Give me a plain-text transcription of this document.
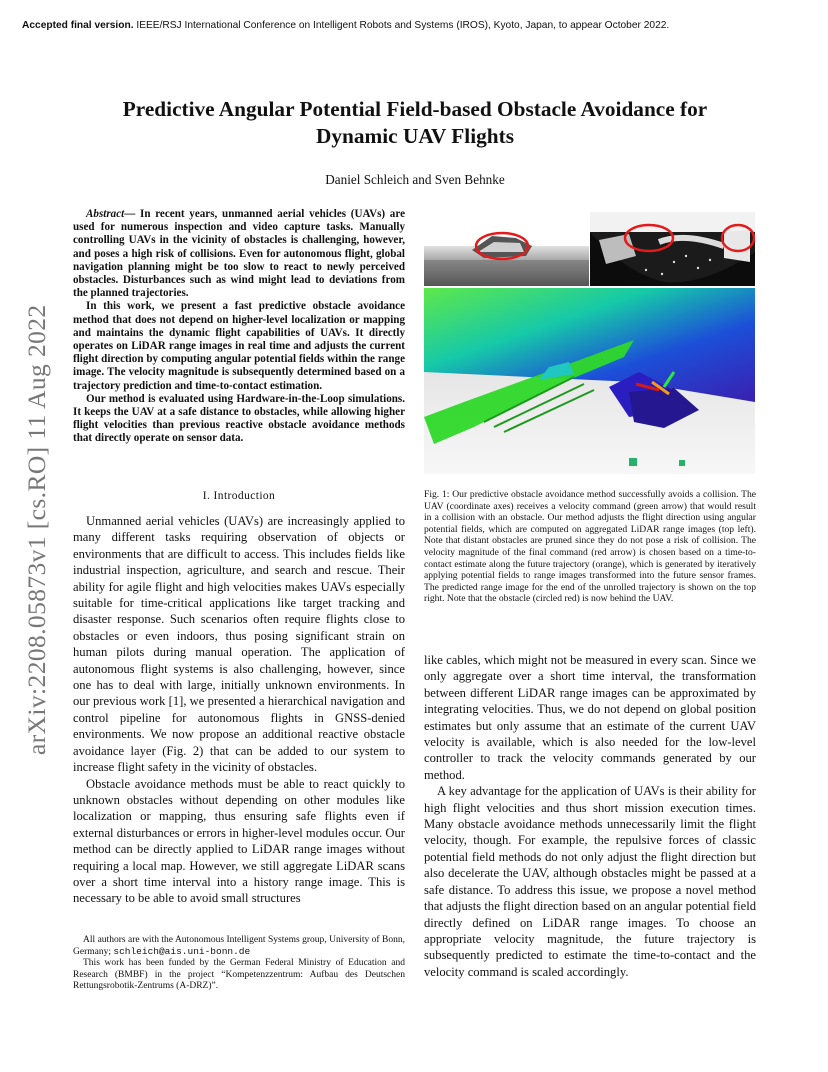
Accepted final version. IEEE/RSJ International Conference on Intelligent Robots and Systems (IROS), Kyoto, Japan, to appear October 2022.
arXiv:2208.05873v1 [cs.RO] 11 Aug 2022
Predictive Angular Potential Field-based Obstacle Avoidance for
Dynamic UAV Flights
Daniel Schleich and Sven Behnke

Abstract— In recent years, unmanned aerial vehicles (UAVs) are used for numerous inspection and video capture tasks. Manually controlling UAVs in the vicinity of obstacles is challenging, however, and poses a high risk of collisions. Even for autonomous flight, global navigation planning might be too slow to react to newly perceived obstacles. Disturbances such as wind might lead to deviations from the planned trajectories.

In this work, we present a fast predictive obstacle avoidance method that does not depend on higher-level localization or mapping and maintains the dynamic flight capabilities of UAVs. It directly operates on LiDAR range images in real time and adjusts the current flight direction by computing angular potential fields within the range image. The velocity magnitude is subsequently determined based on a trajectory prediction and time-to-contact estimation.

Our method is evaluated using Hardware-in-the-Loop simulations. It keeps the UAV at a safe distance to obstacles, while allowing higher flight velocities than previous reactive obstacle avoidance methods that directly operate on sensor data.

I. Introduction

Unmanned aerial vehicles (UAVs) are increasingly applied to many different tasks requiring observation of objects or environments that are difficult to access. This includes fields like industrial inspection, agriculture, and search and rescue. Their ability for agile flight and high velocities makes UAVs especially suitable for time-critical applications like target tracking and disaster response. Such scenarios often require flights close to obstacles or even indoors, thus posing significant strain on human pilots during manual operation. The application of autonomous flight systems is also challenging, however, since one has to deal with large, initially unknown environments. In our previous work [1], we presented a hierarchical navigation and control pipeline for autonomous flights in GNSS-denied environments. We now propose an additional reactive obstacle avoidance layer (Fig. 2) that can be added to our system to increase flight safety in the vicinity of obstacles.

Obstacle avoidance methods must be able to react quickly to unknown obstacles without depending on other modules like localization or mapping, thus ensuring safe flights even if external disturbances or errors in higher-level modules occur. Our method can be directly applied to LiDAR range images without requiring a local map. However, we still aggregate LiDAR scans over a short time interval into a history range image. This is necessary to be able to avoid small structures

All authors are with the Autonomous Intelligent Systems group, University of Bonn, Germany; schleich@ais.uni-bonn.de

This work has been funded by the German Federal Ministry of Education and Research (BMBF) in the project “Kompetenzzentrum: Aufbau des Deutschen Rettungsrobotik-Zentrums (A-DRZ)”.

Fig. 1: Our predictive obstacle avoidance method successfully avoids a collision. The UAV (coordinate axes) receives a velocity command (green arrow) that would result in a collision with an obstacle. Our method adjusts the flight direction using angular potential fields, which are computed on aggregated LiDAR range images (top left). Note that distant obstacles are pruned since they do not pose a risk of collision. The velocity magnitude of the final command (red arrow) is chosen based on a time-to-contact estimate along the future trajectory (orange), which is generated by iteratively applying potential fields to range images transformed into the future sensor frames. The predicted range image for the end of the unrolled trajectory is shown on the top right. Note that the obstacle (circled red) is now behind the UAV.

like cables, which might not be measured in every scan. Since we only aggregate over a short time interval, the transformation between different LiDAR range images can be approximated by integrating velocities. Thus, we do not depend on global position estimates but only assume that an estimate of the current UAV velocity is available, which is also needed for the low-level controller to track the velocity commands generated by our method.

A key advantage for the application of UAVs is their ability for high flight velocities and thus short mission execution times. Many obstacle avoidance methods unnecessarily limit the flight velocity, though. For example, the repulsive forces of classic potential field methods do not only adjust the flight direction but also decelerate the UAV, although obstacles might be passed at a safe distance. To address this issue, we propose a novel method that adjusts the flight direction based on an angular potential field directly defined on LiDAR range images. To choose an appropriate velocity magnitude, the future trajectory is subsequently predicted to estimate the time-to-contact and the velocity command is scaled accordingly.
